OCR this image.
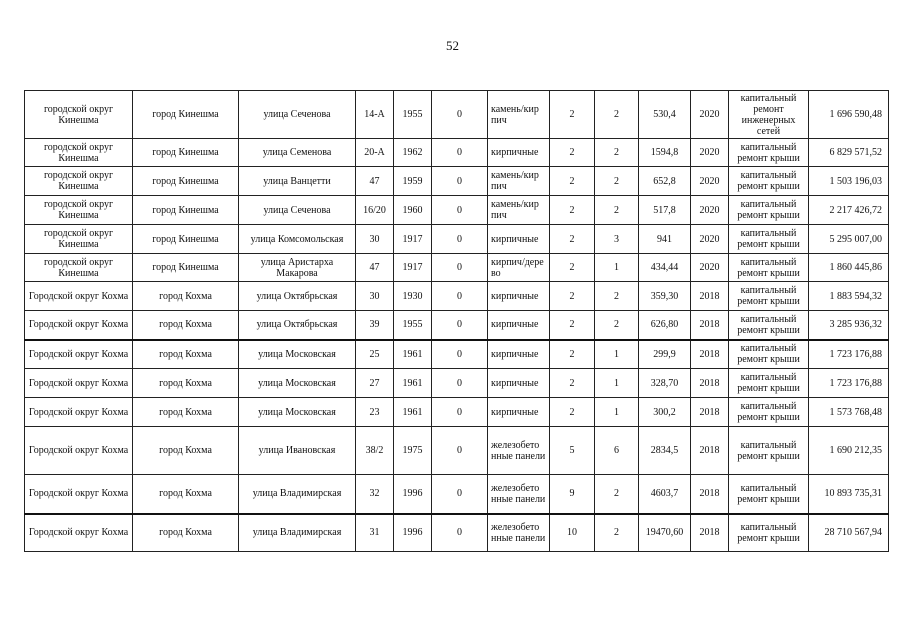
52
городской округ Кинешма	город Кинешма	улица Сеченова	14-А	1955	0	камень/кир пич	2	2	530,4	2020	капитальный ремонт инженерных сетей	1 696 590,48
городской округ Кинешма	город Кинешма	улица Семенова	20-А	1962	0	кирпичные	2	2	1594,8	2020	капитальный ремонт крыши	6 829 571,52
городской округ Кинешма	город Кинешма	улица Ванцетти	47	1959	0	камень/кир пич	2	2	652,8	2020	капитальный ремонт крыши	1 503 196,03
городской округ Кинешма	город Кинешма	улица Сеченова	16/20	1960	0	камень/кир пич	2	2	517,8	2020	капитальный ремонт крыши	2 217 426,72
городской округ Кинешма	город Кинешма	улица Комсомольская	30	1917	0	кирпичные	2	3	941	2020	капитальный ремонт крыши	5 295 007,00
городской округ Кинешма	город Кинешма	улица Аристарха Макарова	47	1917	0	кирпич/дере во	2	1	434,44	2020	капитальный ремонт крыши	1 860 445,86
Городской округ Кохма	город Кохма	улица Октябрьская	30	1930	0	кирпичные	2	2	359,30	2018	капитальный ремонт крыши	1 883 594,32
Городской округ Кохма	город Кохма	улица Октябрьская	39	1955	0	кирпичные	2	2	626,80	2018	капитальный ремонт крыши	3 285 936,32
Городской округ Кохма	город Кохма	улица Московская	25	1961	0	кирпичные	2	1	299,9	2018	капитальный ремонт крыши	1 723 176,88
Городской округ Кохма	город Кохма	улица Московская	27	1961	0	кирпичные	2	1	328,70	2018	капитальный ремонт крыши	1 723 176,88
Городской округ Кохма	город Кохма	улица Московская	23	1961	0	кирпичные	2	1	300,2	2018	капитальный ремонт крыши	1 573 768,48
Городской округ Кохма	город Кохма	улица Ивановская	38/2	1975	0	железобето нные панели	5	6	2834,5	2018	капитальный ремонт крыши	1 690 212,35
Городской округ Кохма	город Кохма	улица Владимирская	32	1996	0	железобето нные панели	9	2	4603,7	2018	капитальный ремонт крыши	10 893 735,31
Городской округ Кохма	город Кохма	улица Владимирская	31	1996	0	железобето нные панели	10	2	19470,60	2018	капитальный ремонт крыши	28 710 567,94
